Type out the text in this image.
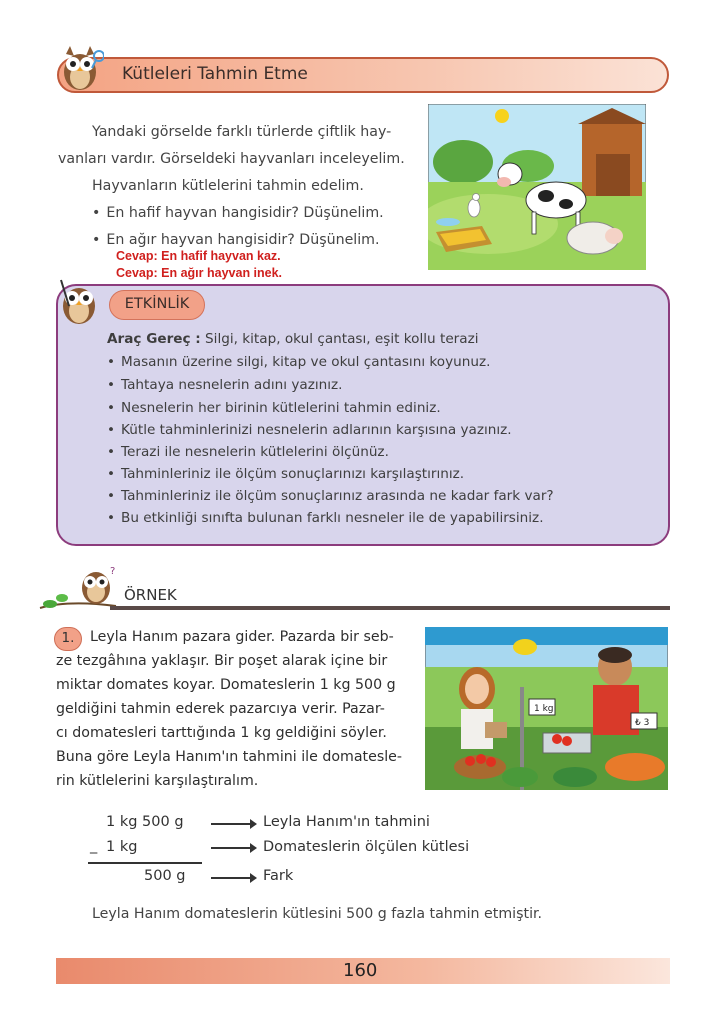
Kütleleri Tahmin Etme
Yandaki görselde farklı türlerde çiftlik hay-
vanları vardır. Görseldeki hayvanları inceleyelim.
Hayvanların kütlelerini tahmin edelim.
• En hafif hayvan hangisidir? Düşünelim.
• En ağır hayvan hangisidir? Düşünelim.
Cevap: En hafif hayvan kaz.
Cevap: En ağır hayvan inek.
ETKİNLİK
Araç Gereç : Silgi, kitap, okul çantası, eşit kollu terazi
• Masanın üzerine silgi, kitap ve okul çantasını koyunuz.
• Tahtaya nesnelerin adını yazınız.
• Nesnelerin her birinin kütlelerini tahmin ediniz.
• Kütle tahminlerinizi nesnelerin adlarının karşısına yazınız.
• Terazi ile nesnelerin kütlelerini ölçünüz.
• Tahminleriniz ile ölçüm sonuçlarınızı karşılaştırınız.
• Tahminleriniz ile ölçüm sonuçlarınız arasında ne kadar fark var?
• Bu etkinliği sınıfta bulunan farklı nesneler ile de yapabilirsiniz.
?
ÖRNEK
1.	Leyla Hanım pazara gider. Pazarda bir seb-
ze tezgâhına yaklaşır. Bir poşet alarak içine bir
miktar domates koyar. Domateslerin 1 kg 500 g
geldiğini tahmin ederek pazarcıya verir. Pazar-
cı domatesleri tarttığında 1 kg geldiğini söyler.
Buna göre Leyla Hanım'ın tahmini ile domatesle-
rin kütlelerini karşılaştıralım.
1 kg
₺ 3
1 kg 500 g	Leyla Hanım'ın tahmini
_ 1 kg	Domateslerin ölçülen kütlesi
500 g	Fark
Leyla Hanım domateslerin kütlesini 500 g fazla tahmin etmiştir.
160
